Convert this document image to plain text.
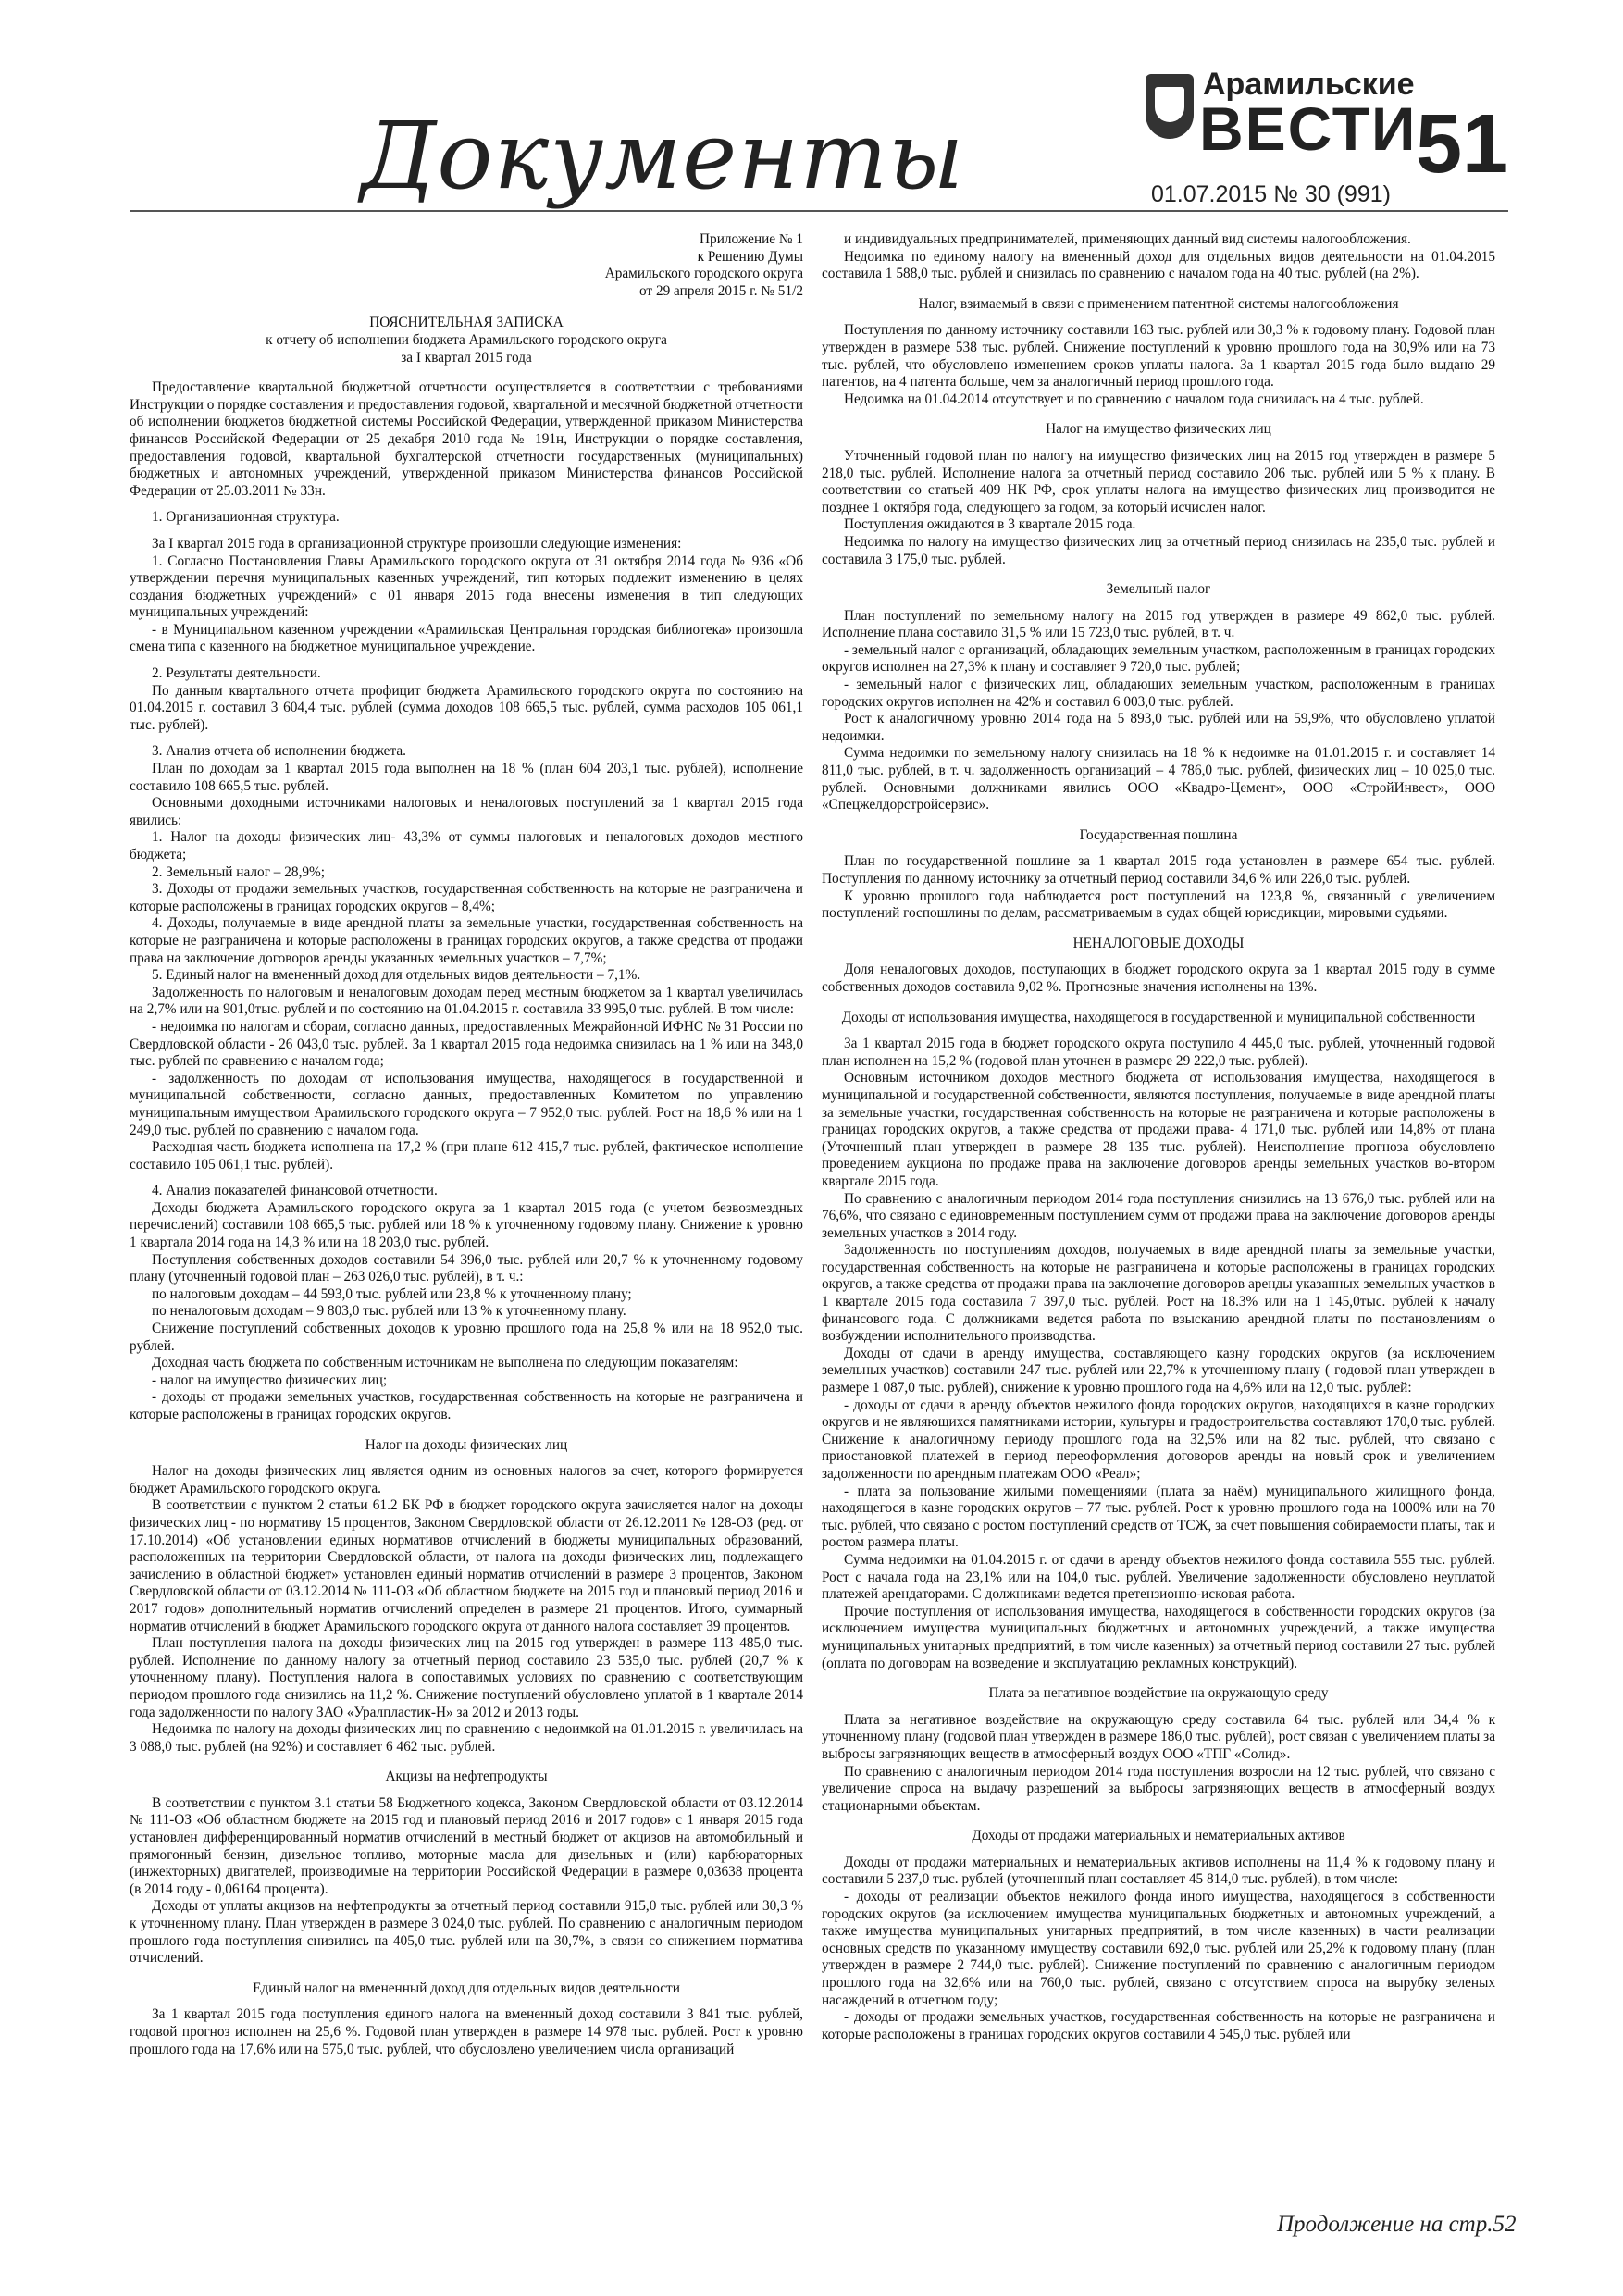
Документы
Арамильские
ВЕСТИ
01.07.2015 № 30 (991)
51
Приложение № 1
к Решению Думы
Арамильского городского округа
от 29 апреля 2015 г. № 51/2
ПОЯСНИТЕЛЬНАЯ ЗАПИСКА
к отчету об исполнении бюджета Арамильского городского округа
за I квартал 2015 года

Предоставление квартальной бюджетной отчетности осуществляется в соответствии с требованиями Инструкции о порядке составления и предоставления годовой, квартальной и месячной бюджетной отчетности об исполнении бюджетов бюджетной системы Российской Федерации, утвержденной приказом Министерства финансов Российской Федерации от 25 декабря 2010 года № 191н, Инструкции о порядке составления, предоставления годовой, квартальной бухгалтерской отчетности государственных (муниципальных) бюджетных и автономных учреждений, утвержденной приказом Министерства финансов Российской Федерации от 25.03.2011 № 33н.

1. Организационная структура.

За I квартал 2015 года в организационной структуре произошли следующие изменения:

1. Согласно Постановления Главы Арамильского городского округа от 31 октября 2014 года № 936 «Об утверждении перечня муниципальных казенных учреждений, тип которых подлежит изменению в целях создания бюджетных учреждений» с 01 января 2015 года внесены изменения в тип следующих муниципальных учреждений:

- в Муниципальном казенном учреждении «Арамильская Центральная городская библиотека» произошла смена типа с казенного на бюджетное муниципальное учреждение.

2. Результаты деятельности.

По данным квартального отчета профицит бюджета Арамильского городского округа по состоянию на 01.04.2015 г. составил 3 604,4 тыс. рублей (сумма доходов 108 665,5 тыс. рублей, сумма расходов 105 061,1 тыс. рублей).

3. Анализ отчета об исполнении бюджета.

План по доходам за 1 квартал 2015 года выполнен на 18 % (план 604 203,1 тыс. рублей), исполнение составило 108 665,5 тыс. рублей.

Основными доходными источниками налоговых и неналоговых поступлений за 1 квартал 2015 года явились:

1. Налог на доходы физических лиц- 43,3% от суммы налоговых и неналоговых доходов местного бюджета;

2. Земельный налог – 28,9%;

3. Доходы от продажи земельных участков, государственная собственность на которые не разграничена и которые расположены в границах городских округов – 8,4%;

4. Доходы, получаемые в виде арендной платы за земельные участки, государственная собственность на которые не разграничена и которые расположены в границах городских округов, а также средства от продажи права на заключение договоров аренды указанных земельных участков – 7,7%;

5. Единый налог на вмененный доход для отдельных видов деятельности – 7,1%.

Задолженность по налоговым и неналоговым доходам перед местным бюджетом за 1 квартал увеличилась на 2,7% или на 901,0тыс. рублей и по состоянию на 01.04.2015 г. составила 33 995,0 тыс. рублей. В том числе:

- недоимка по налогам и сборам, согласно данных, предоставленных Межрайонной ИФНС № 31 России по Свердловской области - 26 043,0 тыс. рублей. За 1 квартал 2015 года недоимка снизилась на 1 % или на 348,0 тыс. рублей по сравнению с началом года;

- задолженность по доходам от использования имущества, находящегося в государственной и муниципальной собственности, согласно данных, предоставленных Комитетом по управлению муниципальным имуществом Арамильского городского округа – 7 952,0 тыс. рублей. Рост на 18,6 % или на 1 249,0 тыс. рублей по сравнению с началом года.

Расходная часть бюджета исполнена на 17,2 % (при плане 612 415,7 тыс. рублей, фактическое исполнение составило 105 061,1 тыс. рублей).

4. Анализ показателей финансовой отчетности.

Доходы бюджета Арамильского городского округа за 1 квартал 2015 года (с учетом безвозмездных перечислений) составили 108 665,5 тыс. рублей или 18 % к уточненному годовому плану. Снижение к уровню 1 квартала 2014 года на 14,3 % или на 18 203,0 тыс. рублей.

Поступления собственных доходов составили 54 396,0 тыс. рублей или 20,7 % к уточненному годовому плану (уточненный годовой план – 263 026,0 тыс. рублей), в т. ч.:

по налоговым доходам – 44 593,0 тыс. рублей или 23,8 % к уточненному плану;

по неналоговым доходам – 9 803,0 тыс. рублей или 13 % к уточненному плану.

Снижение поступлений собственных доходов к уровню прошлого года на 25,8 % или на 18 952,0 тыс. рублей.

Доходная часть бюджета по собственным источникам не выполнена по следующим показателям:

- налог на имущество физических лиц;

- доходы от продажи земельных участков, государственная собственность на которые не разграничена и которые расположены в границах городских округов.

Налог на доходы физических лиц

Налог на доходы физических лиц является одним из основных налогов за счет, которого формируется бюджет Арамильского городского округа.

В соответствии с пунктом 2 статьи 61.2 БК РФ в бюджет городского округа зачисляется налог на доходы физических лиц - по нормативу 15 процентов, Законом Свердловской области от 26.12.2011 № 128-ОЗ (ред. от 17.10.2014) «Об установлении единых нормативов отчислений в бюджеты муниципальных образований, расположенных на территории Свердловской области, от налога на доходы физических лиц, подлежащего зачислению в областной бюджет» установлен единый норматив отчислений в размере 3 процентов, Законом Свердловской области от 03.12.2014 № 111-ОЗ «Об областном бюджете на 2015 год и плановый период 2016 и 2017 годов» дополнительный норматив отчислений определен в размере 21 процентов. Итого, суммарный норматив отчислений в бюджет Арамильского городского округа от данного налога составляет 39 процентов.

План поступления налога на доходы физических лиц на 2015 год утвержден в размере 113 485,0 тыс. рублей. Исполнение по данному налогу за отчетный период составило 23 535,0 тыс. рублей (20,7 % к уточненному плану). Поступления налога в сопоставимых условиях по сравнению с соответствующим периодом прошлого года снизились на 11,2 %. Снижение поступлений обусловлено уплатой в 1 квартале 2014 года задолженности по налогу ЗАО «Уралпластик-Н» за 2012 и 2013 годы.

Недоимка по налогу на доходы физических лиц по сравнению с недоимкой на 01.01.2015 г. увеличилась на 3 088,0 тыс. рублей (на 92%) и составляет 6 462 тыс. рублей.

Акцизы на нефтепродукты

В соответствии с пунктом 3.1 статьи 58 Бюджетного кодекса, Законом Свердловской области от 03.12.2014 № 111-ОЗ «Об областном бюджете на 2015 год и плановый период 2016 и 2017 годов» с 1 января 2015 года установлен дифференцированный норматив отчислений в местный бюджет от акцизов на автомобильный и прямогонный бензин, дизельное топливо, моторные масла для дизельных и (или) карбюраторных (инжекторных) двигателей, производимые на территории Российской Федерации в размере 0,03638 процента (в 2014 году - 0,06164 процента).

Доходы от уплаты акцизов на нефтепродукты за отчетный период составили 915,0 тыс. рублей или 30,3 % к уточненному плану. План утвержден в размере 3 024,0 тыс. рублей. По сравнению с аналогичным периодом прошлого года поступления снизились на 405,0 тыс. рублей или на 30,7%, в связи со снижением норматива отчислений.

Единый налог на вмененный доход для отдельных видов деятельности

За 1 квартал 2015 года поступления единого налога на вмененный доход составили 3 841 тыс. рублей, годовой прогноз исполнен на 25,6 %. Годовой план утвержден в размере 14 978 тыс. рублей. Рост к уровню прошлого года на 17,6% или на 575,0 тыс. рублей, что обусловлено увеличением числа организаций

и индивидуальных предпринимателей, применяющих данный вид системы налогообложения.

Недоимка по единому налогу на вмененный доход для отдельных видов деятельности на 01.04.2015 составила 1 588,0 тыс. рублей и снизилась по сравнению с началом года на 40 тыс. рублей (на 2%).

Налог, взимаемый в связи с применением патентной системы налогообложения

Поступления по данному источнику составили 163 тыс. рублей или 30,3 % к годовому плану. Годовой план утвержден в размере 538 тыс. рублей. Снижение поступлений к уровню прошлого года на 30,9% или на 73 тыс. рублей, что обусловлено изменением сроков уплаты налога. За 1 квартал 2015 года было выдано 29 патентов, на 4 патента больше, чем за аналогичный период прошлого года.

Недоимка на 01.04.2014 отсутствует и по сравнению с началом года снизилась на 4 тыс. рублей.

Налог на имущество физических лиц

Уточненный годовой план по налогу на имущество физических лиц на 2015 год утвержден в размере 5 218,0 тыс. рублей. Исполнение налога за отчетный период составило 206 тыс. рублей или 5 % к плану. В соответствии со статьей 409 НК РФ, срок уплаты налога на имущество физических лиц производится не позднее 1 октября года, следующего за годом, за который исчислен налог.

Поступления ожидаются в 3 квартале 2015 года.

Недоимка по налогу на имущество физических лиц за отчетный период снизилась на 235,0 тыс. рублей и составила 3 175,0 тыс. рублей.

Земельный налог

План поступлений по земельному налогу на 2015 год утвержден в размере 49 862,0 тыс. рублей. Исполнение плана составило 31,5 % или 15 723,0 тыс. рублей, в т. ч.

- земельный налог с организаций, обладающих земельным участком, расположенным в границах городских округов исполнен на 27,3% к плану и составляет 9 720,0 тыс. рублей;

- земельный налог с физических лиц, обладающих земельным участком, расположенным в границах городских округов исполнен на 42% и составил 6 003,0 тыс. рублей.

Рост к аналогичному уровню 2014 года на 5 893,0 тыс. рублей или на 59,9%, что обусловлено уплатой недоимки.

Сумма недоимки по земельному налогу снизилась на 18 % к недоимке на 01.01.2015 г. и составляет 14 811,0 тыс. рублей, в т. ч. задолженность организаций – 4 786,0 тыс. рублей, физических лиц – 10 025,0 тыс. рублей. Основными должниками явились ООО «Квадро-Цемент», ООО «СтройИнвест», ООО «Спецжелдорстройсервис».

Государственная пошлина

План по государственной пошлине за 1 квартал 2015 года установлен в размере 654 тыс. рублей. Поступления по данному источнику за отчетный период составили 34,6 % или 226,0 тыс. рублей.

К уровню прошлого года наблюдается рост поступлений на 123,8 %, связанный с увеличением поступлений госпошлины по делам, рассматриваемым в судах общей юрисдикции, мировыми судьями.

НЕНАЛОГОВЫЕ ДОХОДЫ

Доля неналоговых доходов, поступающих в бюджет городского округа за 1 квартал 2015 году в сумме собственных доходов составила 9,02 %. Прогнозные значения исполнены на 13%.

Доходы от использования имущества, находящегося в государственной и муниципальной собственности

За 1 квартал 2015 года в бюджет городского округа поступило 4 445,0 тыс. рублей, уточненный годовой план исполнен на 15,2 % (годовой план уточнен в размере 29 222,0 тыс. рублей).

Основным источником доходов местного бюджета от использования имущества, находящегося в муниципальной и государственной собственности, являются поступления, получаемые в виде арендной платы за земельные участки, государственная собственность на которые не разграничена и которые расположены в границах городских округов, а также средства от продажи права- 4 171,0 тыс. рублей или 14,8% от плана (Уточненный план утвержден в размере 28 135 тыс. рублей). Неисполнение прогноза обусловлено проведением аукциона по продаже права на заключение договоров аренды земельных участков во-втором квартале 2015 года.

По сравнению с аналогичным периодом 2014 года поступления снизились на 13 676,0 тыс. рублей или на 76,6%, что связано с единовременным поступлением сумм от продажи права на заключение договоров аренды земельных участков в 2014 году.

Задолженность по поступлениям доходов, получаемых в виде арендной платы за земельные участки, государственная собственность на которые не разграничена и которые расположены в границах городских округов, а также средства от продажи права на заключение договоров аренды указанных земельных участков в 1 квартале 2015 года составила 7 397,0 тыс. рублей. Рост на 18.3% или на 1 145,0тыс. рублей к началу финансового года. С должниками ведется работа по взысканию арендной платы по постановлениям о возбуждении исполнительного производства.

Доходы от сдачи в аренду имущества, составляющего казну городских округов (за исключением земельных участков) составили 247 тыс. рублей или 22,7% к уточненному плану ( годовой план утвержден в размере 1 087,0 тыс. рублей), снижение к уровню прошлого года на 4,6% или на 12,0 тыс. рублей:

- доходы от сдачи в аренду объектов нежилого фонда городских округов, находящихся в казне городских округов и не являющихся памятниками истории, культуры и градостроительства составляют 170,0 тыс. рублей. Снижение к аналогичному периоду прошлого года на 32,5% или на 82 тыс. рублей, что связано с приостановкой платежей в период переоформления договоров аренды на новый срок и увеличением задолженности по арендным платежам ООО «Реал»;

- плата за пользование жилыми помещениями (плата за наём) муниципального жилищного фонда, находящегося в казне городских округов – 77 тыс. рублей. Рост к уровню прошлого года на 1000% или на 70 тыс. рублей, что связано с ростом поступлений средств от ТСЖ, за счет повышения собираемости платы, так и ростом размера платы.

Сумма недоимки на 01.04.2015 г. от сдачи в аренду объектов нежилого фонда составила 555 тыс. рублей. Рост с начала года на 23,1% или на 104,0 тыс. рублей. Увеличение задолженности обусловлено неуплатой платежей арендаторами. С должниками ведется претензионно-исковая работа.

Прочие поступления от использования имущества, находящегося в собственности городских округов (за исключением имущества муниципальных бюджетных и автономных учреждений, а также имущества муниципальных унитарных предприятий, в том числе казенных) за отчетный период составили 27 тыс. рублей (оплата по договорам на возведение и эксплуатацию рекламных конструкций).

Плата за негативное воздействие на окружающую среду

Плата за негативное воздействие на окружающую среду составила 64 тыс. рублей или 34,4 % к уточненному плану (годовой план утвержден в размере 186,0 тыс. рублей), рост связан с увеличением платы за выбросы загрязняющих веществ в атмосферный воздух ООО «ТПГ «Солид».

По сравнению с аналогичным периодом 2014 года поступления возросли на 12 тыс. рублей, что связано с увеличение спроса на выдачу разрешений за выбросы загрязняющих веществ в атмосферный воздух стационарными объектам.

Доходы от продажи материальных и нематериальных активов

Доходы от продажи материальных и нематериальных активов исполнены на 11,4 % к годовому плану и составили 5 237,0 тыс. рублей (уточненный план составляет 45 814,0 тыс. рублей), в том числе:

- доходы от реализации объектов нежилого фонда иного имущества, находящегося в собственности городских округов (за исключением имущества муниципальных бюджетных и автономных учреждений, а также имущества муниципальных унитарных предприятий, в том числе казенных) в части реализации основных средств по указанному имуществу составили 692,0 тыс. рублей или 25,2% к годовому плану (план утвержден в размере 2 744,0 тыс. рублей). Снижение поступлений по сравнению с аналогичным периодом прошлого года на 32,6% или на 760,0 тыс. рублей, связано с отсутствием спроса на вырубку зеленых насаждений в отчетном году;

- доходы от продажи земельных участков, государственная собственность на которые не разграничена и которые расположены в границах городских округов составили 4 545,0 тыс. рублей или

Продолжение на стр.52
